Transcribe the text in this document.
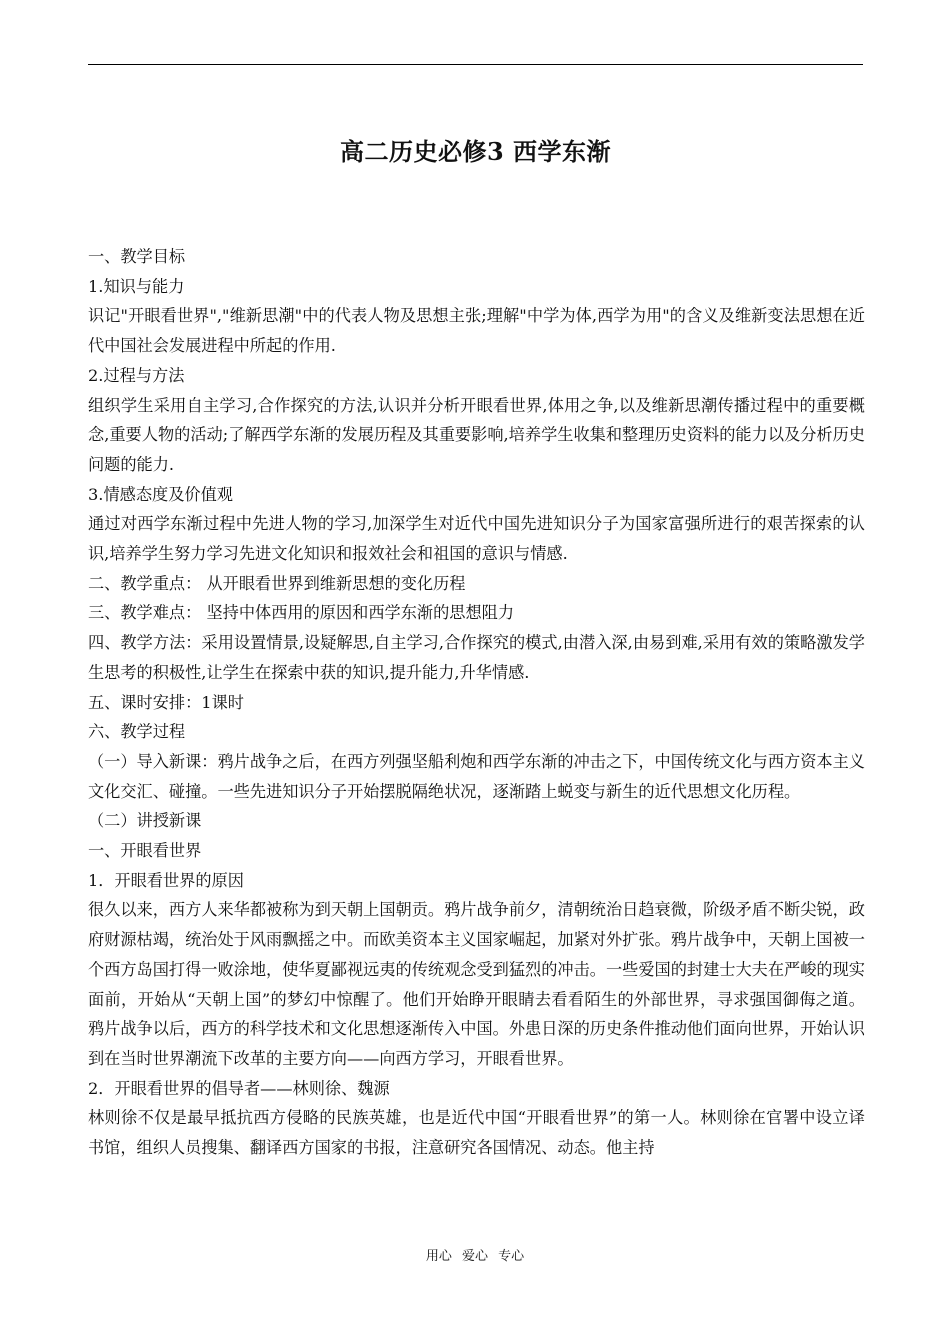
高二历史必修3 西学东渐

一、教学目标

1.知识与能力

识记"开眼看世界","维新思潮"中的代表人物及思想主张;理解"中学为体,西学为用"的含义及维新变法思想在近代中国社会发展进程中所起的作用.

2.过程与方法

组织学生采用自主学习,合作探究的方法,认识并分析开眼看世界,体用之争,以及维新思潮传播过程中的重要概念,重要人物的活动;了解西学东渐的发展历程及其重要影响,培养学生收集和整理历史资料的能力以及分析历史问题的能力.

3.情感态度及价值观

通过对西学东渐过程中先进人物的学习,加深学生对近代中国先进知识分子为国家富强所进行的艰苦探索的认识,培养学生努力学习先进文化知识和报效社会和祖国的意识与情感.

二、教学重点： 从开眼看世界到维新思想的变化历程

三、教学难点： 坚持中体西用的原因和西学东渐的思想阻力

四、教学方法：采用设置情景,设疑解思,自主学习,合作探究的模式,由潜入深,由易到难,采用有效的策略激发学生思考的积极性,让学生在探索中获的知识,提升能力,升华情感.

五、课时安排：1课时

六、教学过程

（一）导入新课：鸦片战争之后，在西方列强坚船利炮和西学东渐的冲击之下，中国传统文化与西方资本主义文化交汇、碰撞。一些先进知识分子开始摆脱隔绝状况，逐渐踏上蜕变与新生的近代思想文化历程。

（二）讲授新课

一、开眼看世界

1．开眼看世界的原因

很久以来，西方人来华都被称为到天朝上国朝贡。鸦片战争前夕，清朝统治日趋衰微，阶级矛盾不断尖锐，政府财源枯竭，统治处于风雨飘摇之中。而欧美资本主义国家崛起，加紧对外扩张。鸦片战争中，天朝上国被一个西方岛国打得一败涂地，使华夏鄙视远夷的传统观念受到猛烈的冲击。一些爱国的封建士大夫在严峻的现实面前，开始从“天朝上国”的梦幻中惊醒了。他们开始睁开眼睛去看看陌生的外部世界，寻求强国御侮之道。鸦片战争以后，西方的科学技术和文化思想逐渐传入中国。外患日深的历史条件推动他们面向世界，开始认识到在当时世界潮流下改革的主要方向——向西方学习，开眼看世界。

2．开眼看世界的倡导者——林则徐、魏源

林则徐不仅是最早抵抗西方侵略的民族英雄，也是近代中国“开眼看世界”的第一人。林则徐在官署中设立译书馆，组织人员搜集、翻译西方国家的书报，注意研究各国情况、动态。他主持

用心 爱心 专心
